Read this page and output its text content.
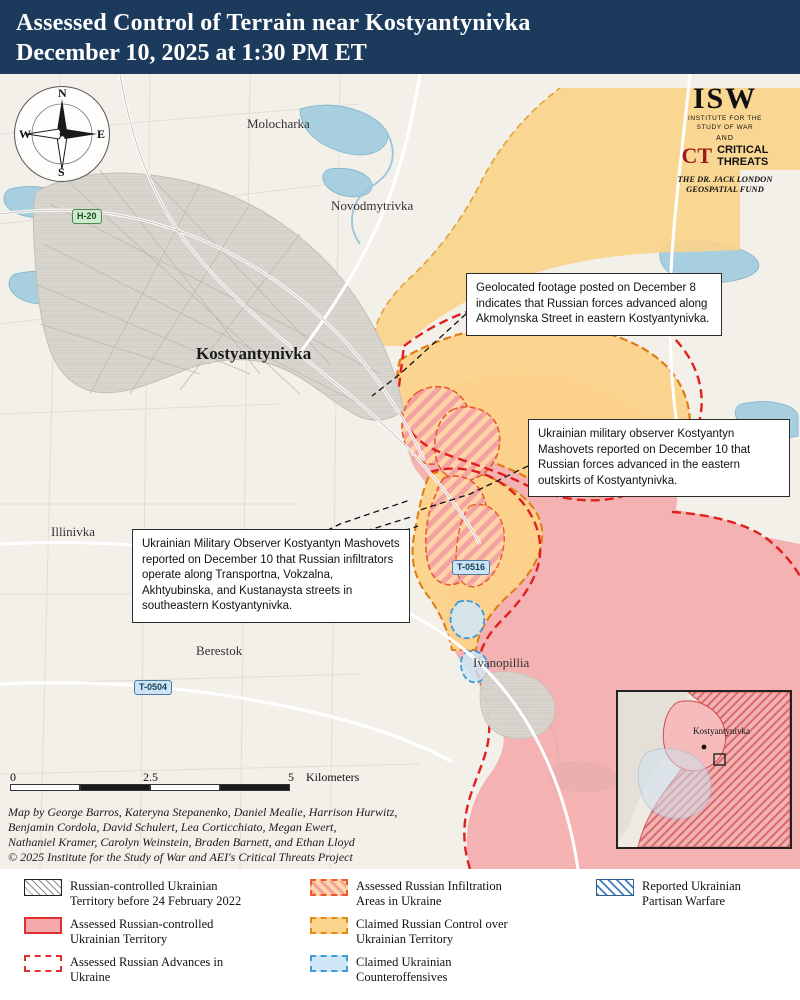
Assessed Control of Terrain near Kostyantynivka
December 10, 2025 at 1:30 PM ET
N
E
S
W
ISW
INSTITUTE FOR THE
STUDY OF WAR
AND
CT CRITICAL
THREATS
THE DR. JACK LONDON
GEOSPATIAL FUND
Kostyantynivka
Molocharka
Novodmytrivka
Illinivka
Berestok
Ivanopillia
H-20
T-0516
T-0504
Geolocated footage posted on December 8 indicates that Russian forces advanced along Akmolynska Street in eastern Kostyantynivka.
Ukrainian military observer Kostyantyn Mashovets reported on December 10 that Russian forces advanced in the eastern outskirts of Kostyantynivka.
Ukrainian Military Observer Kostyantyn Mashovets reported on December 10 that Russian infiltrators operate along Transportna, Vokzalna, Akhtyubinska, and Kustanaysta streets in southeastern Kostyantynivka.
0	2.5	5 Kilometers
Map by George Barros, Kateryna Stepanenko, Daniel Mealie, Harrison Hurwitz,
Benjamin Cordola, David Schulert, Lea Corticchiato, Megan Ewert,
Nathaniel Kramer, Carolyn Weinstein, Braden Barnett, and Ethan Lloyd
© 2025 Institute for the Study of War and AEI's Critical Threats Project
Kostyantynivka
Russian-controlled Ukrainian
Territory before 24 February 2022
Assessed Russian-controlled
Ukrainian Territory
Assessed Russian Advances in
Ukraine
Assessed Russian Infiltration
Areas in Ukraine
Claimed Russian Control over
Ukrainian Territory
Claimed Ukrainian
Counteroffensives
Reported Ukrainian
Partisan Warfare
